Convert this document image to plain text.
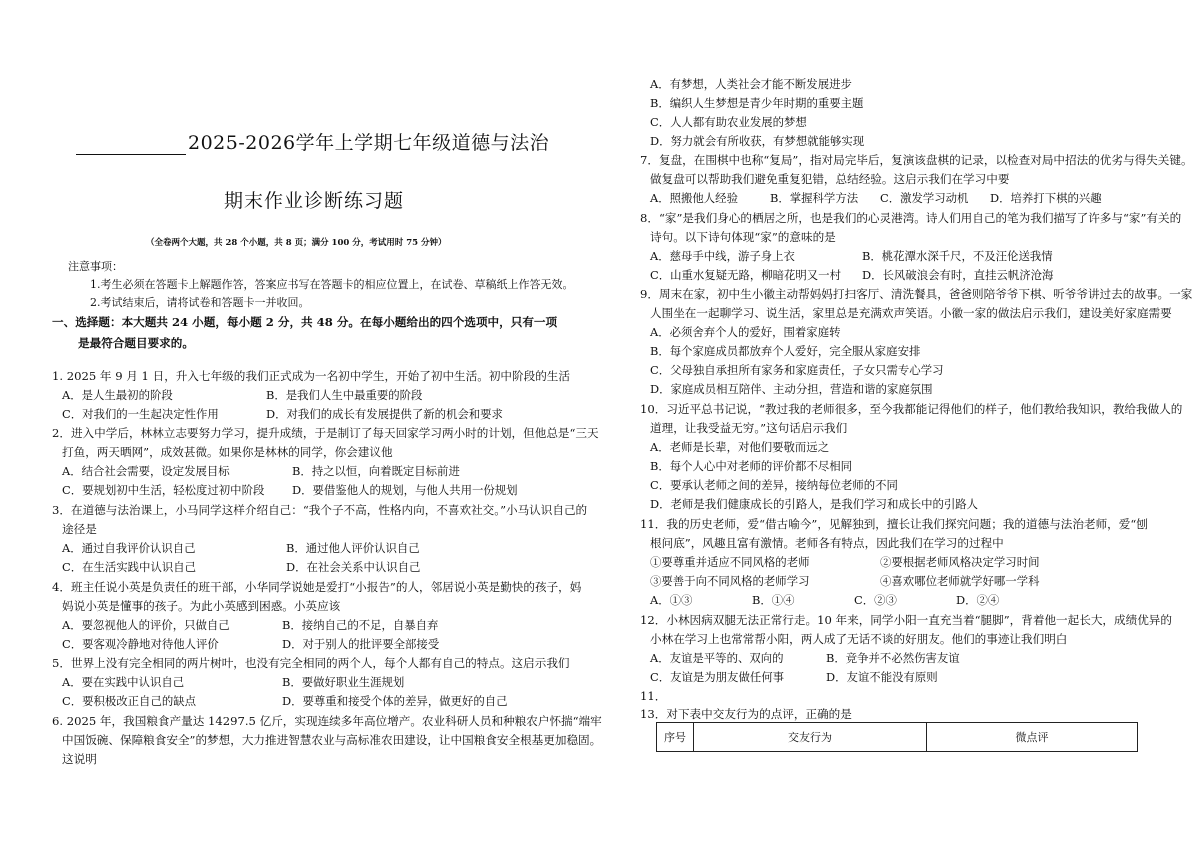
2025-2026学年上学期七年级道德与法治
期末作业诊断练习题
（全卷两个大题，共 28 个小题，共 8 页；满分 100 分，考试用时 75 分钟）
注意事项：
1.考生必须在答题卡上解题作答，答案应书写在答题卡的相应位置上，在试卷、草稿纸上作答无效。
2.考试结束后，请将试卷和答题卡一并收回。
一、选择题：本大题共 24 小题，每小题 2 分，共 48 分。在每小题给出的四个选项中，只有一项
是最符合题目要求的。
1. 2025 年 9 月 1 日，升入七年级的我们正式成为一名初中学生，开始了初中生活。初中阶段的生活
A．是人生最初的阶段	B．是我们人生中最重要的阶段
C．对我们的一生起决定性作用	D．对我们的成长有发展提供了新的机会和要求
2．进入中学后，林林立志要努力学习，提升成绩，于是制订了每天回家学习两小时的计划，但他总是“三天
打鱼，两天晒网”，成效甚微。如果你是林林的同学，你会建议他
A．结合社会需要，设定发展目标	B．持之以恒，向着既定目标前进
C．要规划初中生活，轻松度过初中阶段 D．要借鉴他人的规划，与他人共用一份规划
3．在道德与法治课上，小马同学这样介绍自己：“我个子不高，性格内向，不喜欢社交。”小马认识自己的
途径是
A．通过自我评价认识自己	B．通过他人评价认识自己
C．在生活实践中认识自己	D．在社会关系中认识自己
4．班主任说小英是负责任的班干部，小华同学说她是爱打“小报告”的人，邻居说小英是勤快的孩子，妈
妈说小英是懂事的孩子。为此小英感到困惑。小英应该
A．要忽视他人的评价，只做自己	B．接纳自己的不足，自暴自弃
C．要客观冷静地对待他人评价	D．对于别人的批评要全部接受
5．世界上没有完全相同的两片树叶，也没有完全相同的两个人，每个人都有自己的特点。这启示我们
A．要在实践中认识自己	B．要做好职业生涯规划
C．要积极改正自己的缺点	D．要尊重和接受个体的差异，做更好的自己
6. 2025 年，我国粮食产量达 14297.5 亿斤，实现连续多年高位增产。农业科研人员和种粮农户怀揣“端牢
中国饭碗、保障粮食安全”的梦想，大力推进智慧农业与高标准农田建设，让中国粮食安全根基更加稳固。
这说明
A．有梦想，人类社会才能不断发展进步
B．编织人生梦想是青少年时期的重要主题
C．人人都有助农业发展的梦想
D．努力就会有所收获，有梦想就能够实现
7．复盘，在围棋中也称“复局”，指对局完毕后，复演该盘棋的记录，以检查对局中招法的优劣与得失关键。
做复盘可以帮助我们避免重复犯错，总结经验。这启示我们在学习中要
A．照搬他人经验	B．掌握科学方法 C．激发学习动机 D．培养打下棋的兴趣
8．“家”是我们身心的栖居之所，也是我们的心灵港湾。诗人们用自己的笔为我们描写了许多与“家”有关的
诗句。以下诗句体现“家”的意味的是
A．慈母手中线，游子身上衣	B．桃花潭水深千尺，不及汪伦送我情
C．山重水复疑无路，柳暗花明又一村 D．长风破浪会有时，直挂云帆济沧海
9．周末在家，初中生小徽主动帮妈妈打扫客厅、清洗餐具，爸爸则陪爷爷下棋、听爷爷讲过去的故事。一家
人围坐在一起聊学习、说生活，家里总是充满欢声笑语。小徽一家的做法启示我们，建设美好家庭需要
A．必须舍弃个人的爱好，围着家庭转
B．每个家庭成员都放弃个人爱好，完全服从家庭安排
C．父母独自承担所有家务和家庭责任，子女只需专心学习
D．家庭成员相互陪伴、主动分担，营造和谐的家庭氛围
10．习近平总书记说，“教过我的老师很多，至今我都能记得他们的样子，他们教给我知识，教给我做人的
道理，让我受益无穷。”这句话启示我们
A．老师是长辈，对他们要敬而远之
B．每个人心中对老师的评价都不尽相同
C．要承认老师之间的差异，接纳每位老师的不同
D．老师是我们健康成长的引路人，是我们学习和成长中的引路人
11．我的历史老师，爱“借古喻今”，见解独到，擅长让我们探究问题；我的道德与法治老师，爱“刨
根问底”，风趣且富有激情。老师各有特点，因此我们在学习的过程中
①要尊重并适应不同风格的老师	②要根据老师风格决定学习时间
③要善于向不同风格的老师学习	④喜欢哪位老师就学好哪一学科
A．①③	B．①④	C．②③	D．②④
12．小林因病双腿无法正常行走。10 年来，同学小阳一直充当着“腿脚”，背着他一起长大，成绩优异的
小林在学习上也常常帮小阳，两人成了无话不谈的好朋友。他们的事迹让我们明白
A．友谊是平等的、双向的	B．竞争并不必然伤害友谊
C．友谊是为朋友做任何事	D．友谊不能没有原则
11．
13．对下表中交友行为的点评，正确的是
序号	交友行为	微点评
